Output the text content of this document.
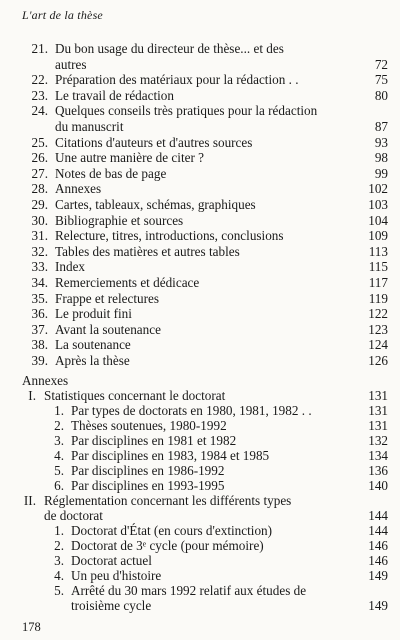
L'art de la thèse
21. Du bon usage du directeur de thèse... et des
autres	72
22. Préparation des matériaux pour la rédaction . .	75
23. Le travail de rédaction	80
24. Quelques conseils très pratiques pour la rédaction
du manuscrit	87
25. Citations d'auteurs et d'autres sources	93
26. Une autre manière de citer ?	98
27. Notes de bas de page	99
28. Annexes	102
29. Cartes, tableaux, schémas, graphiques	103
30. Bibliographie et sources	104
31. Relecture, titres, introductions, conclusions	109
32. Tables des matières et autres tables	113
33. Index	115
34. Remerciements et dédicace	117
35. Frappe et relectures	119
36. Le produit fini	122
37. Avant la soutenance	123
38. La soutenance	124
39. Après la thèse	126
Annexes
I. Statistiques concernant le doctorat	131
1. Par types de doctorats en 1980, 1981, 1982 . .	131
2. Thèses soutenues, 1980-1992	131
3. Par disciplines en 1981 et 1982	132
4. Par disciplines en 1983, 1984 et 1985	134
5. Par disciplines en 1986-1992	136
6. Par disciplines en 1993-1995	140
II. Réglementation concernant les différents types
de doctorat	144
1. Doctorat d'État (en cours d'extinction)	144
2. Doctorat de 3ᵉ cycle (pour mémoire)	146
3. Doctorat actuel	146
4. Un peu d'histoire	149
5. Arrêté du 30 mars 1992 relatif aux études de
troisième cycle	149
178
